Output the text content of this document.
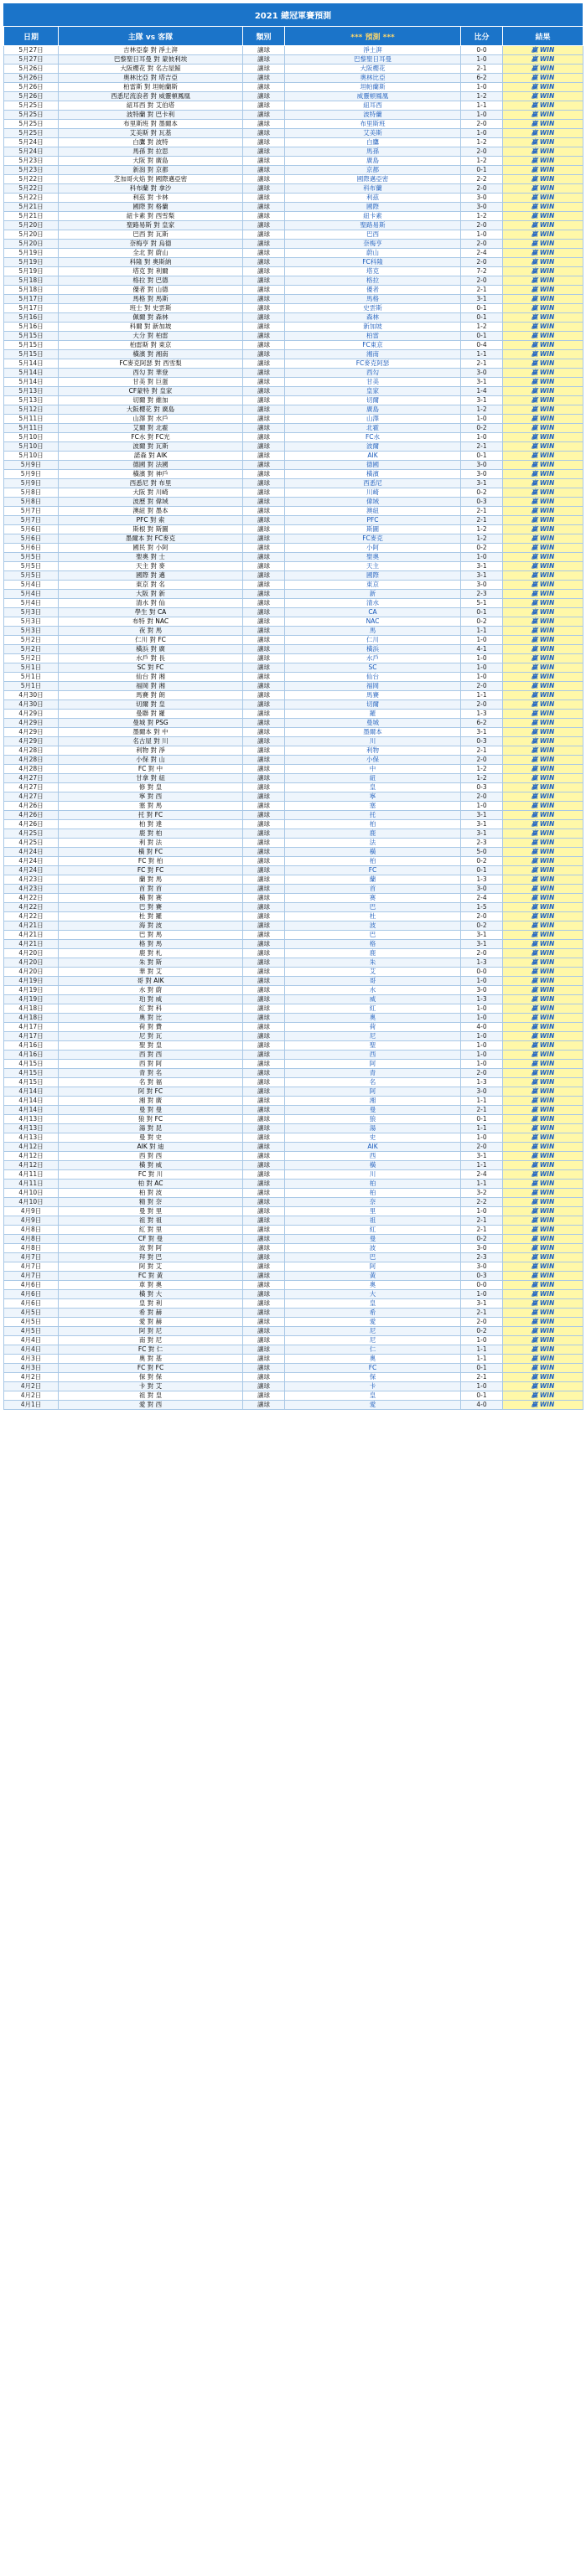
2021 總冠軍賽預測
日期	主隊 vs 客隊	類別	*** 預測 ***	比分	結果
5月27日	吉林亞泰 對 淨土湃	讓球	淨土湃	0-0	贏 WIN
5月27日	巴黎聖日耳曼 對 蒙彼利埃	讓球	巴黎聖日耳曼	1-0	贏 WIN
5月26日	大阪櫻花 對 名古屋鯨	讓球	大阪櫻花	2-1	贏 WIN
5月26日	奧林比亞 對 塔吉亞	讓球	奧林比亞	6-2	贏 WIN
5月26日	柏雷斯 對 坦帕蘭斯	讓球	坦帕蘭斯	1-0	贏 WIN
5月26日	西悉尼流浪者 對 威靈頓鳳凰	讓球	威靈頓鳳凰	1-2	贏 WIN
5月25日	紐耳西 對 艾伯塔	讓球	紐耳西	1-1	贏 WIN
5月25日	波特蘭 對 巴卡利	讓球	波特蘭	1-0	贏 WIN
5月25日	布里斯班 對 墨爾本	讓球	布里斯班	2-0	贏 WIN
5月25日	艾美斯 對 瓦基	讓球	艾美斯	1-0	贏 WIN
5月24日	白鷹 對 波特	讓球	白鷹	1-2	贏 WIN
5月24日	馬孫 對 拉思	讓球	馬孫	2-0	贏 WIN
5月23日	大阪 對 廣島	讓球	廣島	1-2	贏 WIN
5月23日	新潟 對 京都	讓球	京都	0-1	贏 WIN
5月22日	芝加哥火焰 對 國際邁亞密	讓球	國際邁亞密	2-2	贏 WIN
5月22日	科布蘭 對 拿沙	讓球	科布蘭	2-0	贏 WIN
5月22日	利茲 對 卡林	讓球	利茲	3-0	贏 WIN
5月21日	國際 對 格蘭	讓球	國際	3-0	贏 WIN
5月21日	紐卡素 對 西雪梨	讓球	紐卡素	1-2	贏 WIN
5月20日	聖路易斯 對 皇家	讓球	聖路易斯	2-0	贏 WIN
5月20日	巴西 對 瓦斯	讓球	巴西	1-0	贏 WIN
5月20日	奈梅亨 對 烏德	讓球	奈梅亨	2-0	贏 WIN
5月19日	全北 對 蔚山	讓球	蔚山	2-4	贏 WIN
5月19日	科隆 對 奧斯納	讓球	FC科隆	2-0	贏 WIN
5月19日	塔克 對 利爾	讓球	塔克	7-2	贏 WIN
5月18日	格拉 對 巴德	讓球	格拉	2-0	贏 WIN
5月18日	優者 對 山德	讓球	優者	2-1	贏 WIN
5月17日	馬格 對 馬斯	讓球	馬格	3-1	贏 WIN
5月17日	班士 對 史雲斯	讓球	史雲斯	0-1	贏 WIN
5月16日	佩爾 對 森林	讓球	森林	0-1	贏 WIN
5月16日	科爾 對 新加坡	讓球	新加坡	1-2	贏 WIN
5月15日	大分 對 柏雷	讓球	柏雷	0-1	贏 WIN
5月15日	柏雷斯 對 東京	讓球	FC東京	0-4	贏 WIN
5月15日	橫濱 對 湘南	讓球	湘南	1-1	贏 WIN
5月14日	FC麥克阿瑟 對 西雪梨	讓球	FC麥克阿瑟	2-1	贏 WIN
5月14日	西勾 對 華登	讓球	西勾	3-0	贏 WIN
5月14日	甘美 對 巨蛋	讓球	甘美	3-1	贏 WIN
5月13日	CF蒙特 對 皇家	讓球	皇家	1-4	贏 WIN
5月13日	切爾 對 維加	讓球	切爾	3-1	贏 WIN
5月12日	大阪櫻花 對 廣島	讓球	廣島	1-2	贏 WIN
5月11日	山澤 對 水戶	讓球	山澤	1-0	贏 WIN
5月11日	艾爾 對 北霍	讓球	北霍	0-2	贏 WIN
5月10日	FC水 對 FC光	讓球	FC水	1-0	贏 WIN
5月10日	波爾 對 瓦斯	讓球	波爾	2-1	贏 WIN
5月10日	諾森 對 AIK	讓球	AIK	0-1	贏 WIN
5月9日	德國 對 法國	讓球	德國	3-0	贏 WIN
5月9日	橫濱 對 神戶	讓球	橫濱	3-0	贏 WIN
5月9日	西悉尼 對 布里	讓球	西悉尼	3-1	贏 WIN
5月8日	大阪 對 川崎	讓球	川崎	0-2	贏 WIN
5月8日	波歷 對 偉域	讓球	偉域	0-3	贏 WIN
5月7日	澳紐 對 墨本	讓球	澳紐	2-1	贏 WIN
5月7日	PFC 對 索	讓球	PFC	2-1	贏 WIN
5月6日	斯根 對 斯圖	讓球	斯圖	1-2	贏 WIN
5月6日	墨爾本 對 FC麥克	讓球	FC麥克	1-2	贏 WIN
5月6日	國民 對 小阿	讓球	小阿	0-2	贏 WIN
5月5日	聖奧 對 士	讓球	聖奧	1-0	贏 WIN
5月5日	天主 對 麥	讓球	天主	3-1	贏 WIN
5月5日	國際 對 邁	讓球	國際	3-1	贏 WIN
5月4日	東京 對 名	讓球	東京	3-0	贏 WIN
5月4日	大阪 對 新	讓球	新	2-3	贏 WIN
5月4日	清水 對 仙	讓球	清水	5-1	贏 WIN
5月3日	學生 對 CA	讓球	CA	0-1	贏 WIN
5月3日	布特 對 NAC	讓球	NAC	0-2	贏 WIN
5月3日	夜 對 馬	讓球	馬	1-1	贏 WIN
5月2日	仁川 對 FC	讓球	仁川	1-0	贏 WIN
5月2日	橫浜 對 廣	讓球	橫浜	4-1	贏 WIN
5月2日	水戶 對 長	讓球	水戶	1-0	贏 WIN
5月1日	SC 對 FC	讓球	SC	1-0	贏 WIN
5月1日	仙台 對 湘	讓球	仙台	1-0	贏 WIN
5月1日	福岡 對 湘	讓球	福岡	2-0	贏 WIN
4月30日	馬賽 對 朗	讓球	馬賽	1-1	贏 WIN
4月30日	切爾 對 皇	讓球	切爾	2-0	贏 WIN
4月29日	曼聯 對 羅	讓球	羅	1-3	贏 WIN
4月29日	曼城 對 PSG	讓球	曼城	6-2	贏 WIN
4月29日	墨爾本 對 中	讓球	墨爾本	3-1	贏 WIN
4月29日	名古屋 對 川	讓球	川	0-3	贏 WIN
4月28日	利物 對 淨	讓球	利物	2-1	贏 WIN
4月28日	小保 對 山	讓球	小保	2-0	贏 WIN
4月28日	FC 對 中	讓球	中	1-2	贏 WIN
4月27日	甘拿 對 紐	讓球	紐	1-2	贏 WIN
4月27日	修 對 皇	讓球	皇	0-3	贏 WIN
4月27日	寧 對 西	讓球	寧	2-0	贏 WIN
4月26日	塞 對 馬	讓球	塞	1-0	贏 WIN
4月26日	托 對 FC	讓球	托	3-1	贏 WIN
4月26日	柏 對 達	讓球	柏	3-1	贏 WIN
4月25日	鹿 對 柏	讓球	鹿	3-1	贏 WIN
4月25日	利 對 法	讓球	法	2-3	贏 WIN
4月24日	橫 對 FC	讓球	橫	5-0	贏 WIN
4月24日	FC 對 柏	讓球	柏	0-2	贏 WIN
4月24日	FC 對 FC	讓球	FC	0-1	贏 WIN
4月23日	蘭 對 馬	讓球	蘭	1-3	贏 WIN
4月23日	首 對 首	讓球	首	3-0	贏 WIN
4月22日	橫 對 赛	讓球	赛	2-4	贏 WIN
4月22日	巴 對 賽	讓球	巴	1-5	贏 WIN
4月22日	杜 對 羅	讓球	杜	2-0	贏 WIN
4月21日	海 對 波	讓球	波	0-2	贏 WIN
4月21日	巴 對 馬	讓球	巴	3-1	贏 WIN
4月21日	格 對 馬	讓球	格	3-1	贏 WIN
4月20日	鹿 對 札	讓球	鹿	2-0	贏 WIN
4月20日	朱 對 斯	讓球	朱	1-3	贏 WIN
4月20日	華 對 艾	讓球	艾	0-0	贏 WIN
4月19日	哥 對 AIK	讓球	哥	1-0	贏 WIN
4月19日	水 對 蔚	讓球	水	3-0	贏 WIN
4月19日	珀 對 威	讓球	威	1-3	贏 WIN
4月18日	紅 對 科	讓球	紅	1-0	贏 WIN
4月18日	奧 對 比	讓球	奧	1-0	贏 WIN
4月17日	荷 對 費	讓球	荷	4-0	贏 WIN
4月17日	尼 對 瓦	讓球	尼	1-0	贏 WIN
4月16日	聖 對 皇	讓球	聖	1-0	贏 WIN
4月16日	西 對 西	讓球	西	1-0	贏 WIN
4月15日	西 對 阿	讓球	阿	1-0	贏 WIN
4月15日	青 對 名	讓球	青	2-0	贏 WIN
4月15日	名 對 福	讓球	名	1-3	贏 WIN
4月14日	阿 對 FC	讓球	阿	3-0	贏 WIN
4月14日	湘 對 廣	讓球	湘	1-1	贏 WIN
4月14日	曼 對 曼	讓球	曼	2-1	贏 WIN
4月13日	狼 對 FC	讓球	狼	0-1	贏 WIN
4月13日	湯 對 昆	讓球	湯	1-1	贏 WIN
4月13日	曼 對 史	讓球	史	1-0	贏 WIN
4月12日	AIK 對 迪	讓球	AIK	2-0	贏 WIN
4月12日	西 對 西	讓球	西	3-1	贏 WIN
4月12日	橫 對 威	讓球	橫	1-1	贏 WIN
4月11日	FC 對 川	讓球	川	2-4	贏 WIN
4月11日	柏 對 AC	讓球	柏	1-1	贏 WIN
4月10日	柏 對 波	讓球	柏	3-2	贏 WIN
4月10日	精 對 奈	讓球	奈	2-2	贏 WIN
4月9日	曼 對 里	讓球	里	1-0	贏 WIN
4月9日	祖 對 祖	讓球	祖	2-1	贏 WIN
4月8日	紅 對 里	讓球	紅	2-1	贏 WIN
4月8日	CF 對 曼	讓球	曼	0-2	贏 WIN
4月8日	波 對 阿	讓球	波	3-0	贏 WIN
4月7日	拜 對 巴	讓球	巴	2-3	贏 WIN
4月7日	阿 對 艾	讓球	阿	3-0	贏 WIN
4月7日	FC 對 黃	讓球	黃	0-3	贏 WIN
4月6日	車 對 奧	讓球	奧	0-0	贏 WIN
4月6日	橫 對 大	讓球	大	1-0	贏 WIN
4月6日	皇 對 利	讓球	皇	3-1	贏 WIN
4月5日	希 對 赫	讓球	希	2-1	贏 WIN
4月5日	愛 對 赫	讓球	愛	2-0	贏 WIN
4月5日	阿 對 尼	讓球	尼	0-2	贏 WIN
4月4日	南 對 尼	讓球	尼	1-0	贏 WIN
4月4日	FC 對 仁	讓球	仁	1-1	贏 WIN
4月3日	奧 對 基	讓球	奧	1-1	贏 WIN
4月3日	FC 對 FC	讓球	FC	0-1	贏 WIN
4月2日	保 對 保	讓球	保	2-1	贏 WIN
4月2日	卡 對 艾	讓球	卡	1-0	贏 WIN
4月2日	祖 對 皇	讓球	皇	0-1	贏 WIN
4月1日	愛 對 西	讓球	愛	4-0	贏 WIN
